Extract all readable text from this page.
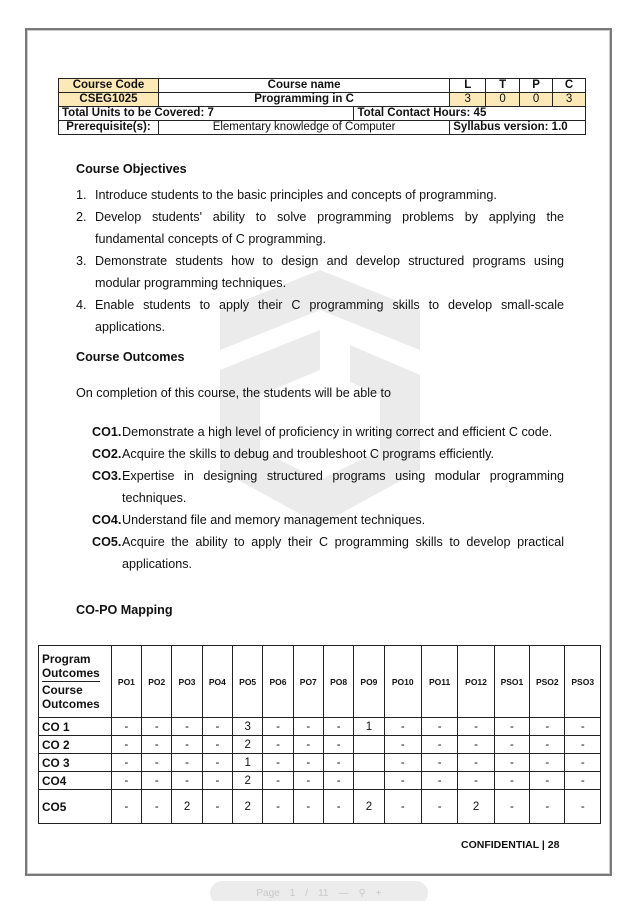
Course Code	Course name		L	T	P	C
CSEG1025	Programming in C		3	0	0	3
Total Units to be Covered: 7		Total Contact Hours: 45				
Prerequisite(s):	Elementary knowledge of Computer		Syllabus version: 1.0			
Course Objectives
1. Introduce students to the basic principles and concepts of programming.
2. Develop students' ability to solve programming problems by applying the fundamental concepts of C programming.
3. Demonstrate students how to design and develop structured programs using modular programming techniques.
4. Enable students to apply their C programming skills to develop small-scale applications.
Course Outcomes
On completion of this course, the students will be able to
CO1. Demonstrate a high level of proficiency in writing correct and efficient C code.
CO2. Acquire the skills to debug and troubleshoot C programs efficiently.
CO3. Expertise in designing structured programs using modular programming techniques.
CO4. Understand file and memory management techniques.
CO5. Acquire the ability to apply their C programming skills to develop practical applications.
CO-PO Mapping
Program Outcomes
Course Outcomes	PO1	PO2	PO3	PO4	PO5	PO6	PO7	PO8	PO9	PO10	PO11	PO12	PSO1	PSO2	PSO3
CO 1	-	-	-	-	3	-	-	-	1	-	-	-	-	-	-
CO 2	-	-	-	-	2	-	-	-		-	-	-	-	-	-
CO 3	-	-	-	-	1	-	-	-		-	-	-	-	-	-
CO4	-	-	-	-	2	-	-	-		-	-	-	-	-	-
CO5	-	-	2	-	2	-	-	-	2	-	-	2	-	-	-
CONFIDENTIAL | 28
Page 1 / 11 — ⚲ +
